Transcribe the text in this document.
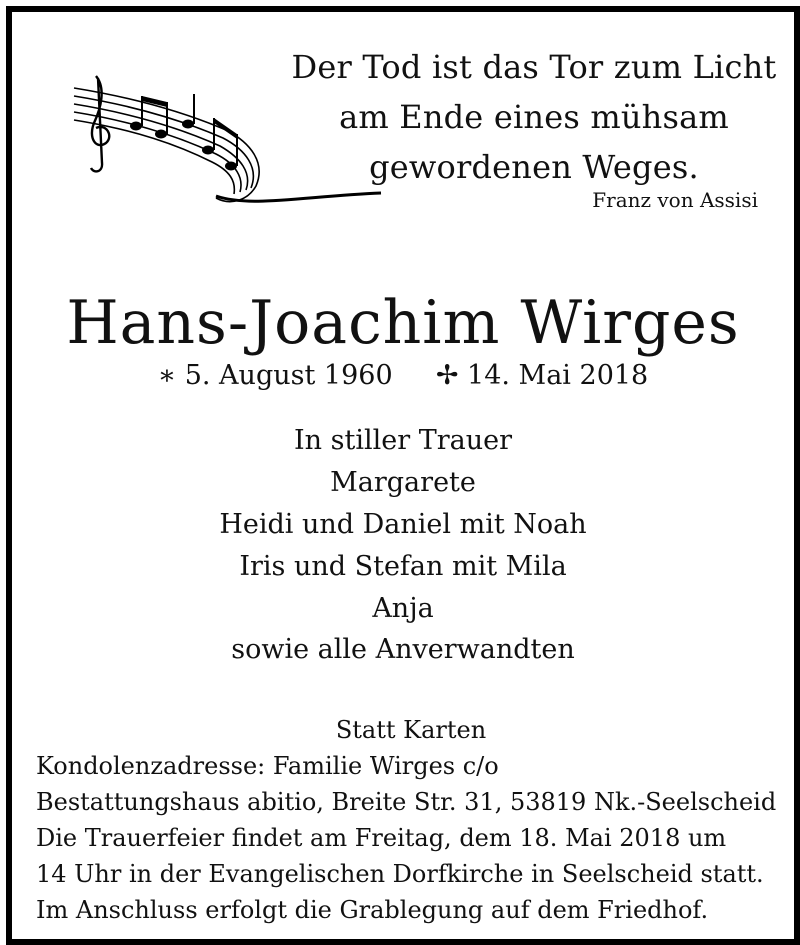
Der Tod ist das Tor zum Licht
am Ende eines mühsam
gewordenen Weges.
Franz von Assisi
Hans-Joachim Wirges
∗ 5. August 1960 ✢ 14. Mai 2018
In stiller Trauer
Margarete
Heidi und Daniel mit Noah
Iris und Stefan mit Mila
Anja
sowie alle Anverwandten
Statt Karten
Kondolenzadresse: Familie Wirges c/o
Bestattungshaus abitio, Breite Str. 31, 53819 Nk.-Seelscheid
Die Trauerfeier findet am Freitag, dem 18. Mai 2018 um
14 Uhr in der Evangelischen Dorfkirche in Seelscheid statt.
Im Anschluss erfolgt die Grablegung auf dem Friedhof.
